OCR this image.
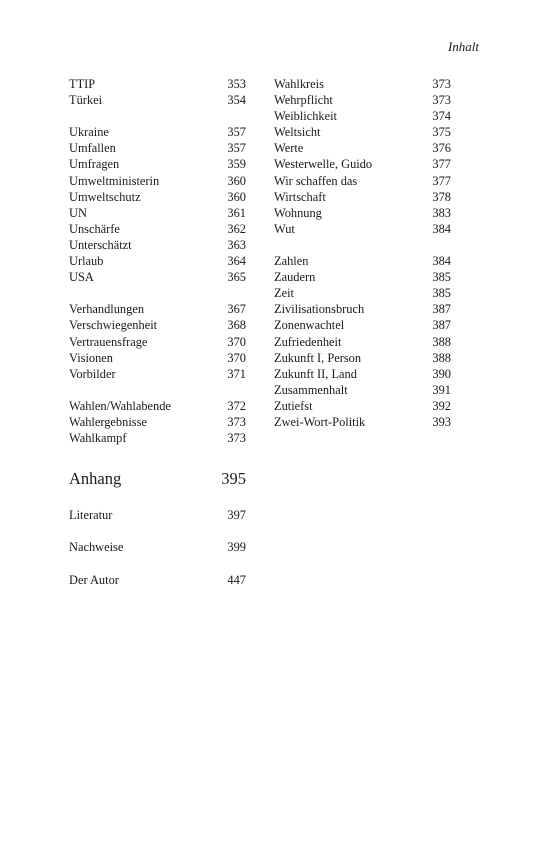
Inhalt
TTIP	353
Türkei	354
Ukraine	357
Umfallen	357
Umfragen	359
Umweltministerin	360
Umweltschutz	360
UN	361
Unschärfe	362
Unterschätzt	363
Urlaub	364
USA	365
Verhandlungen	367
Verschwiegenheit	368
Vertrauensfrage	370
Visionen	370
Vorbilder	371
Wahlen/Wahlabende	372
Wahlergebnisse	373
Wahlkampf	373
Anhang	395
Literatur	397
Nachweise	399
Der Autor	447
Wahlkreis	373
Wehrpflicht	373
Weiblichkeit	374
Weltsicht	375
Werte	376
Westerwelle, Guido	377
Wir schaffen das	377
Wirtschaft	378
Wohnung	383
Wut	384
Zahlen	384
Zaudern	385
Zeit	385
Zivilisationsbruch	387
Zonenwachtel	387
Zufriedenheit	388
Zukunft I, Person	388
Zukunft II, Land	390
Zusammenhalt	391
Zutiefst	392
Zwei-Wort-Politik	393
